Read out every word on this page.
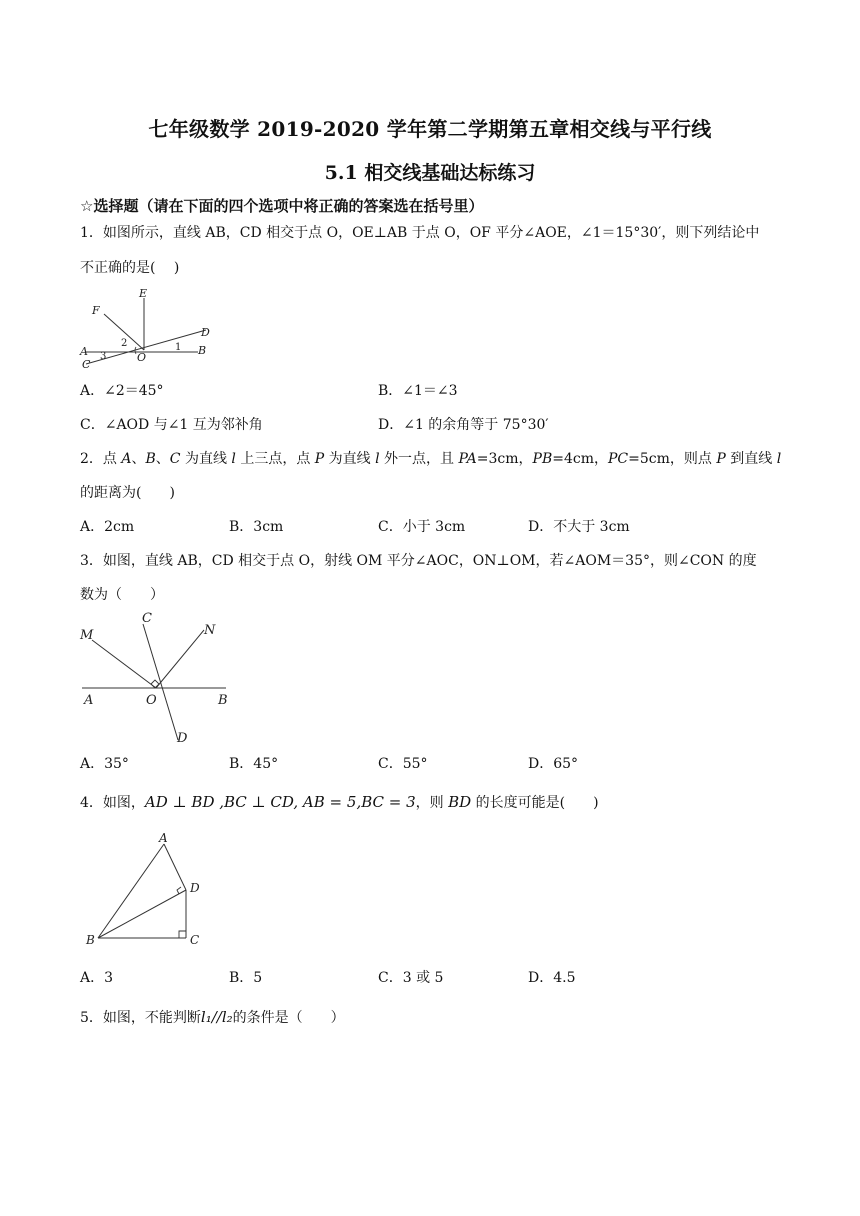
七年级数学 2019-2020 学年第二学期第五章相交线与平行线
5.1 相交线基础达标练习
☆选择题（请在下面的四个选项中将正确的答案选在括号里）
1．如图所示，直线 AB，CD 相交于点 O，OE⊥AB 于点 O，OF 平分∠AOE，∠1＝15°30′，则下列结论中
不正确的是(　 )
E
F
D
2	1 B
A 3	O
C
A．∠2＝45°	B．∠1＝∠3
C．∠AOD 与∠1 互为邻补角	D．∠1 的余角等于 75°30′
2．点 A、B、C 为直线 l 上三点，点 P 为直线 l 外一点，且 PA=3cm，PB=4cm，PC=5cm，则点 P 到直线 l
的距离为(　　)
A．2cm	B．3cm	C．小于 3cm	D．不大于 3cm
3．如图，直线 AB，CD 相交于点 O，射线 OM 平分∠AOC，ON⊥OM，若∠AOM＝35°，则∠CON 的度
数为（　　）
C
M	N
A	O	B
D
A．35°	B．45°	C．55°	D．65°
4．如图，AD ⊥ BD ,BC ⊥ CD, AB = 5,BC = 3，则 BD 的长度可能是(　　)
A
D
B	C
A．3	B．5	C．3 或 5	D．4.5
5．如图，不能判断l₁//l₂的条件是（　　）
